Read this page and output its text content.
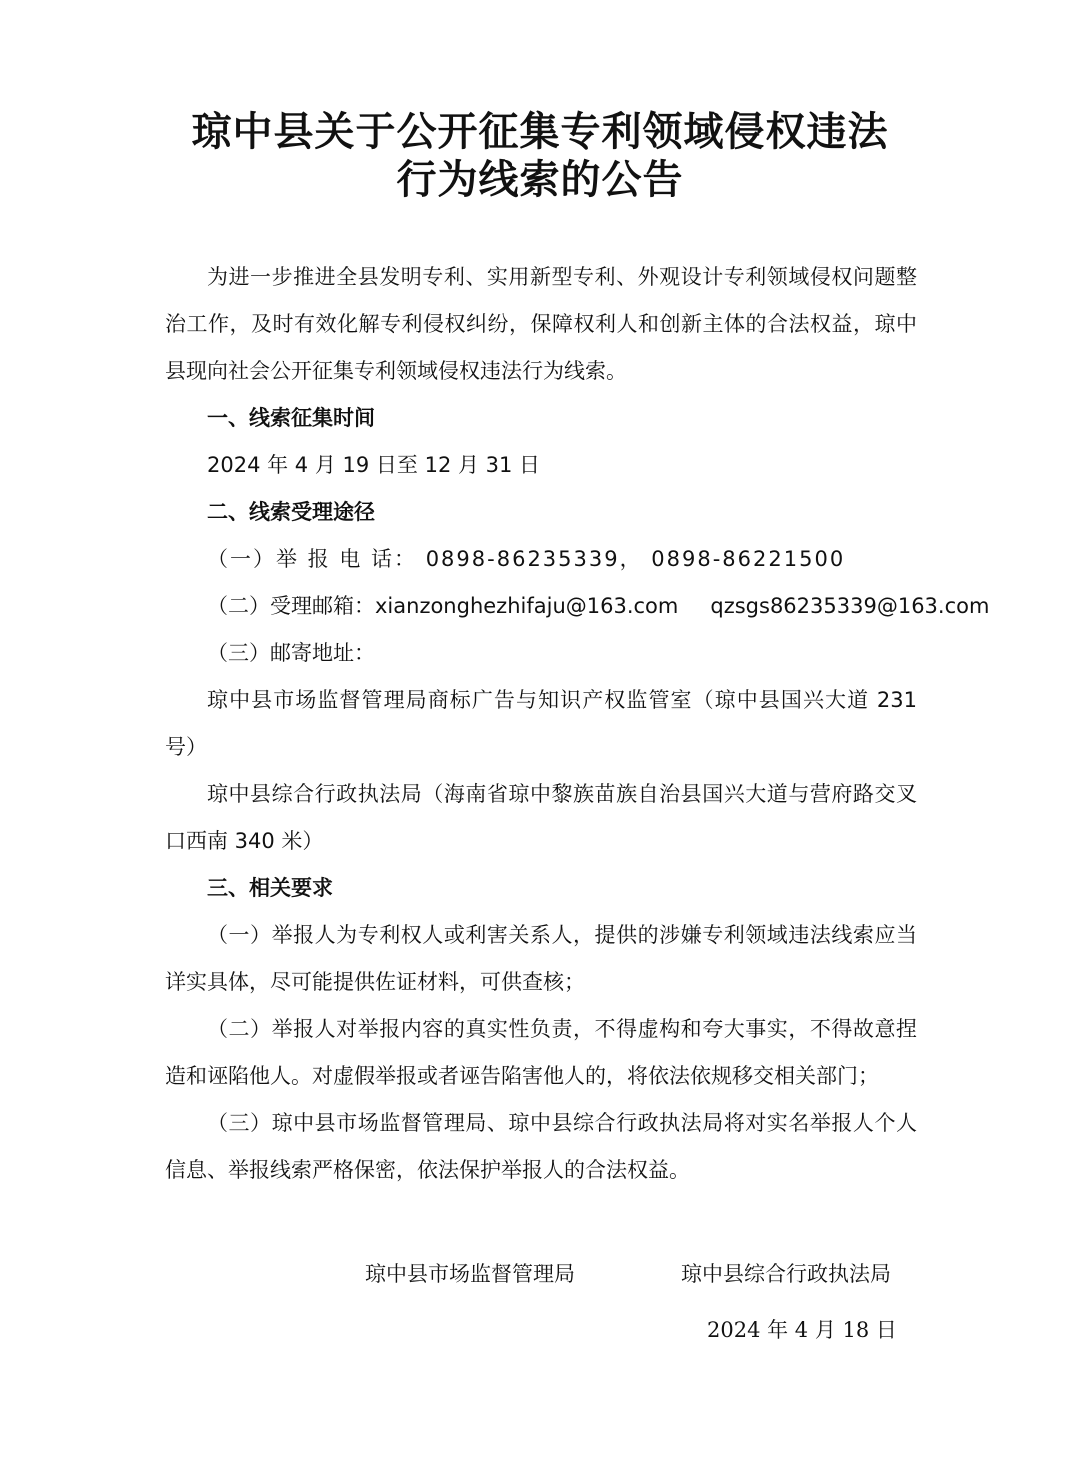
琼中县关于公开征集专利领域侵权违法
行为线索的公告

为进一步推进全县发明专利、实用新型专利、外观设计专利领域侵权问题整治工作，及时有效化解专利侵权纠纷，保障权利人和创新主体的合法权益，琼中县现向社会公开征集专利领域侵权违法行为线索。

一、线索征集时间

2024 年 4 月 19 日至 12 月 31 日

二、线索受理途径

（一）举 报 电 话： 0898-86235339， 0898-86221500

（二）受理邮箱：xianzonghezhifaju@163.com qzsgs86235339@163.com

（三）邮寄地址：

琼中县市场监督管理局商标广告与知识产权监管室（琼中县国兴大道 231 号）

琼中县综合行政执法局（海南省琼中黎族苗族自治县国兴大道与营府路交叉口西南 340 米）

三、相关要求

（一）举报人为专利权人或利害关系人，提供的涉嫌专利领域违法线索应当详实具体，尽可能提供佐证材料，可供查核；

（二）举报人对举报内容的真实性负责，不得虚构和夸大事实，不得故意捏造和诬陷他人。对虚假举报或者诬告陷害他人的，将依法依规移交相关部门；

（三）琼中县市场监督管理局、琼中县综合行政执法局将对实名举报人个人信息、举报线索严格保密，依法保护举报人的合法权益。

琼中县市场监督管理局	琼中县综合行政执法局
2024 年 4 月 18 日
